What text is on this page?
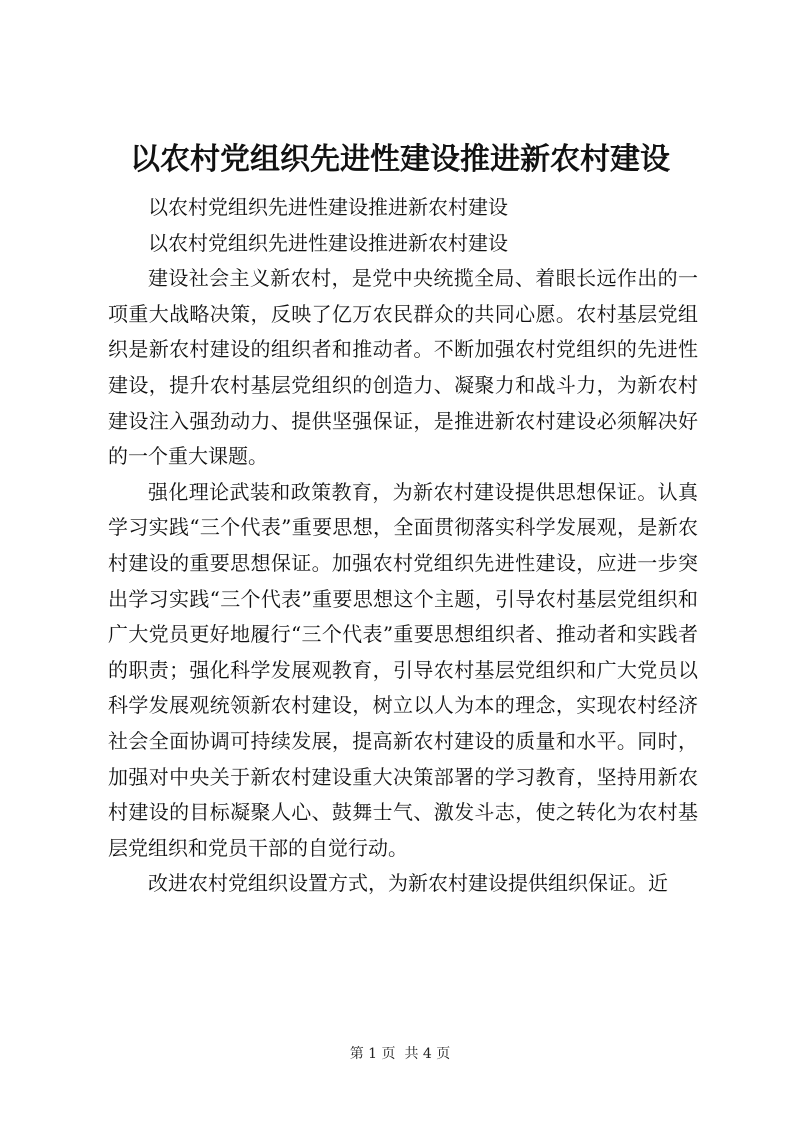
以农村党组织先进性建设推进新农村建设

以农村党组织先进性建设推进新农村建设

以农村党组织先进性建设推进新农村建设

建设社会主义新农村，是党中央统揽全局、着眼长远作出的一项重大战略决策，反映了亿万农民群众的共同心愿。农村基层党组织是新农村建设的组织者和推动者。不断加强农村党组织的先进性建设，提升农村基层党组织的创造力、凝聚力和战斗力，为新农村建设注入强劲动力、提供坚强保证，是推进新农村建设必须解决好的一个重大课题。

强化理论武装和政策教育，为新农村建设提供思想保证。认真学习实践“三个代表”重要思想，全面贯彻落实科学发展观，是新农村建设的重要思想保证。加强农村党组织先进性建设，应进一步突出学习实践“三个代表”重要思想这个主题，引导农村基层党组织和广大党员更好地履行“三个代表”重要思想组织者、推动者和实践者的职责；强化科学发展观教育，引导农村基层党组织和广大党员以科学发展观统领新农村建设，树立以人为本的理念，实现农村经济社会全面协调可持续发展，提高新农村建设的质量和水平。同时，加强对中央关于新农村建设重大决策部署的学习教育，坚持用新农村建设的目标凝聚人心、鼓舞士气、激发斗志，使之转化为农村基层党组织和党员干部的自觉行动。

改进农村党组织设置方式，为新农村建设提供组织保证。近

第 1 页  共 4 页
